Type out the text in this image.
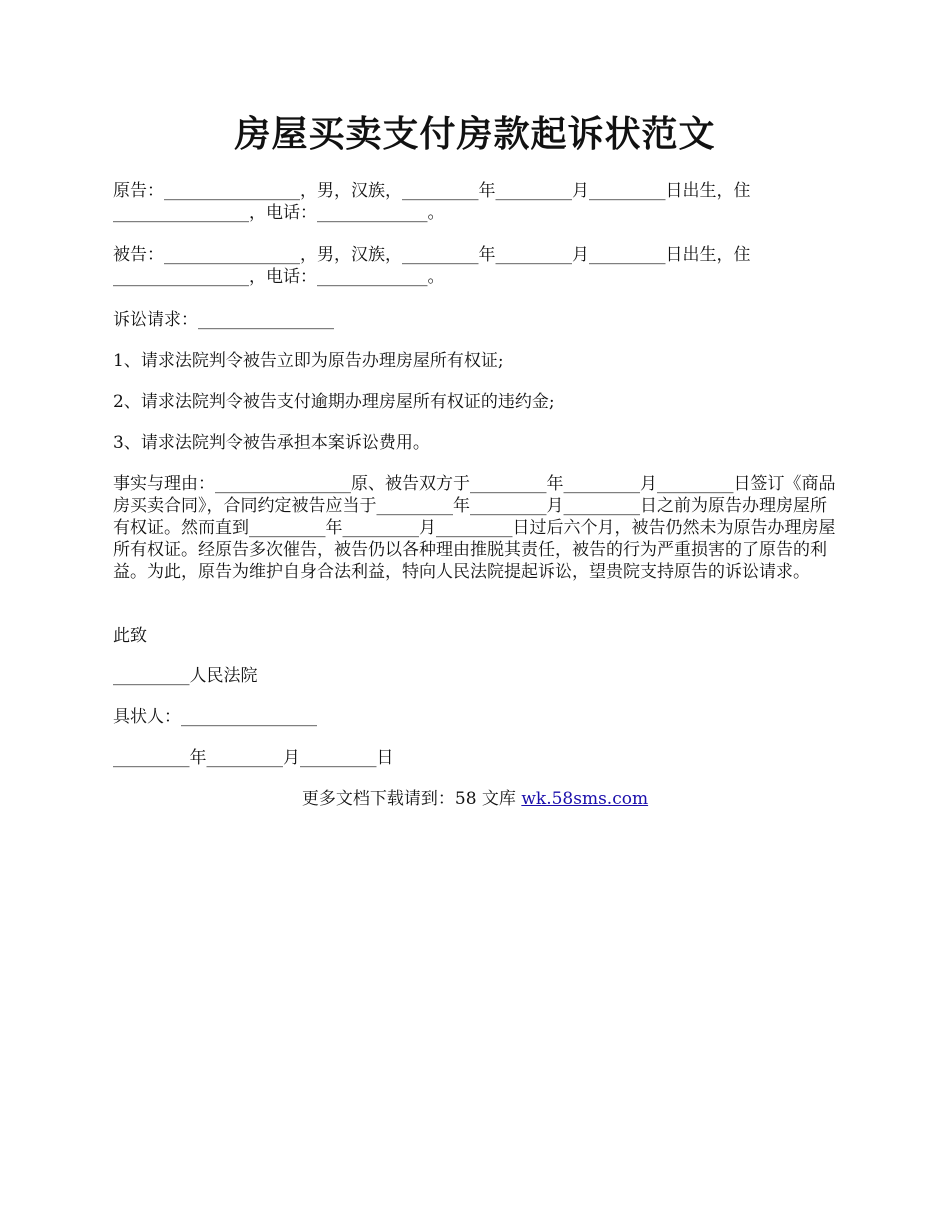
房屋买卖支付房款起诉状范文
原告：________________，男，汉族，_________年_________月_________日出生，住________________，电话：_____________。
被告：________________，男，汉族，_________年_________月_________日出生，住________________，电话：_____________。
诉讼请求：________________
1、请求法院判令被告立即为原告办理房屋所有权证;
2、请求法院判令被告支付逾期办理房屋所有权证的违约金;
3、请求法院判令被告承担本案诉讼费用。
事实与理由：________________原、被告双方于_________年_________月_________日签订《商品房买卖合同》，合同约定被告应当于_________年_________月_________日之前为原告办理房屋所有权证。然而直到_________年_________月_________日过后六个月，被告仍然未为原告办理房屋所有权证。经原告多次催告，被告仍以各种理由推脱其责任，被告的行为严重损害的了原告的利益。为此，原告为维护自身合法利益，特向人民法院提起诉讼，望贵院支持原告的诉讼请求。
此致
_________人民法院
具状人：________________
_________年_________月_________日
更多文档下载请到：58 文库 wk.58sms.com
